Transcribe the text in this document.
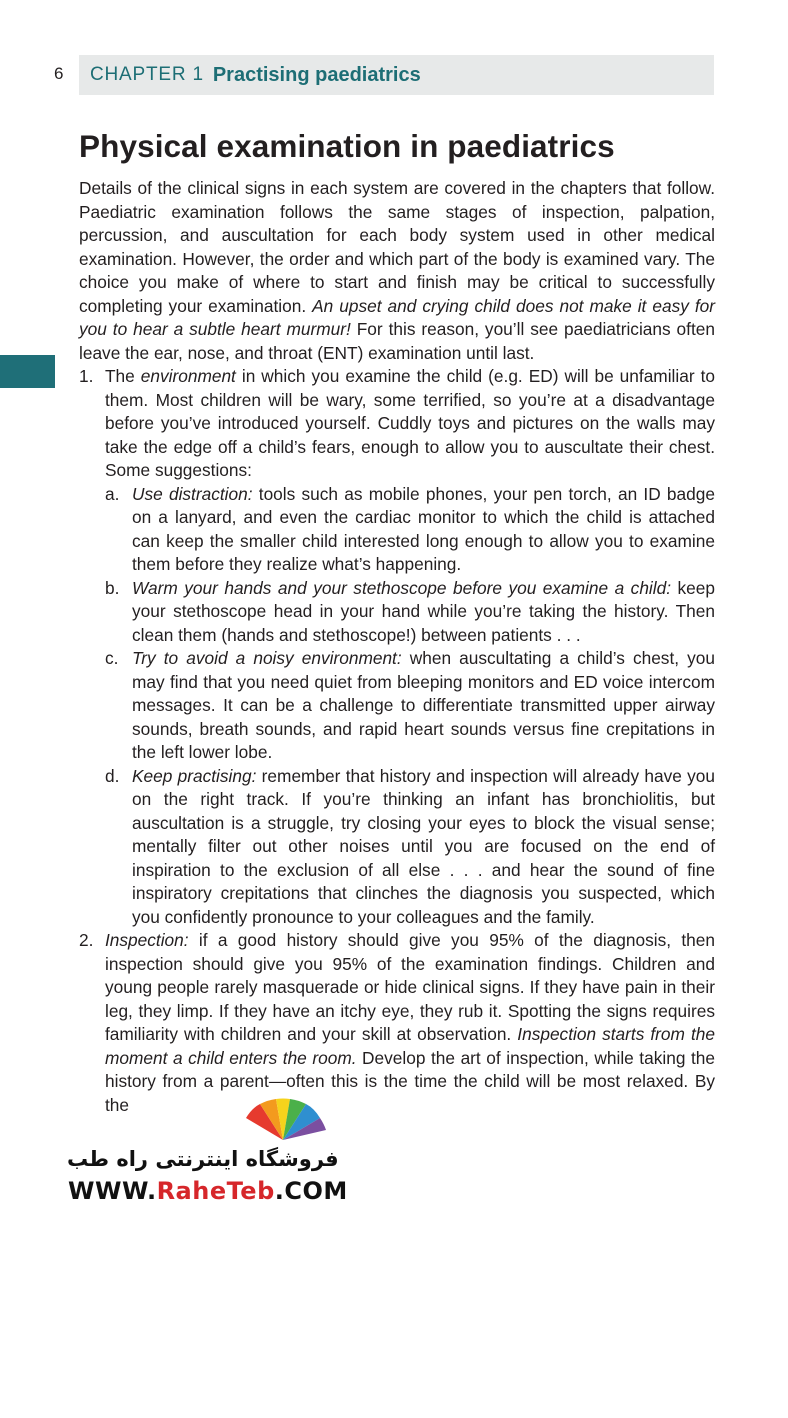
6 CHAPTER 1 Practising paediatrics
Physical examination in paediatrics

Details of the clinical signs in each system are covered in the chapters that follow. Paediatric examination follows the same stages of inspection, palpation, percussion, and auscultation for each body system used in other medical examination. However, the order and which part of the body is examined vary. The choice you make of where to start and finish may be critical to successfully completing your examination. An upset and crying child does not make it easy for you to hear a subtle heart murmur! For this reason, you’ll see paediatricians often leave the ear, nose, and throat (ENT) examination until last.

1. The environment in which you examine the child (e.g. ED) will be unfamiliar to them. Most children will be wary, some terrified, so you’re at a disadvantage before you’ve introduced yourself. Cuddly toys and pictures on the walls may take the edge off a child’s fears, enough to allow you to auscultate their chest. Some suggestions:

a. Use distraction: tools such as mobile phones, your pen torch, an ID badge on a lanyard, and even the cardiac monitor to which the child is attached can keep the smaller child interested long enough to allow you to examine them before they realize what’s happening.

b. Warm your hands and your stethoscope before you examine a child: keep your stethoscope head in your hand while you’re taking the history. Then clean them (hands and stethoscope!) between patients . . .

c. Try to avoid a noisy environment: when auscultating a child’s chest, you may find that you need quiet from bleeping monitors and ED voice intercom messages. It can be a challenge to differentiate transmitted upper airway sounds, breath sounds, and rapid heart sounds versus fine crepitations in the left lower lobe.

d. Keep practising: remember that history and inspection will already have you on the right track. If you’re thinking an infant has bronchiolitis, but auscultation is a struggle, try closing your eyes to block the visual sense; mentally filter out other noises until you are focused on the end of inspiration to the exclusion of all else . . . and hear the sound of fine inspiratory crepitations that clinches the diagnosis you suspected, which you confidently pronounce to your colleagues and the family.

2. Inspection: if a good history should give you 95% of the diagnosis, then inspection should give you 95% of the examination findings. Children and young people rarely masquerade or hide clinical signs. If they have pain in their leg, they limp. If they have an itchy eye, they rub it. Spotting the signs requires familiarity with children and your skill at observation. Inspection starts from the moment a child enters the room. Develop the art of inspection, while taking the history from a parent—often this is the time the child will be most relaxed. By the

فروشگاه اینترنتی راه طب
WWW.RaheTeb.COM
